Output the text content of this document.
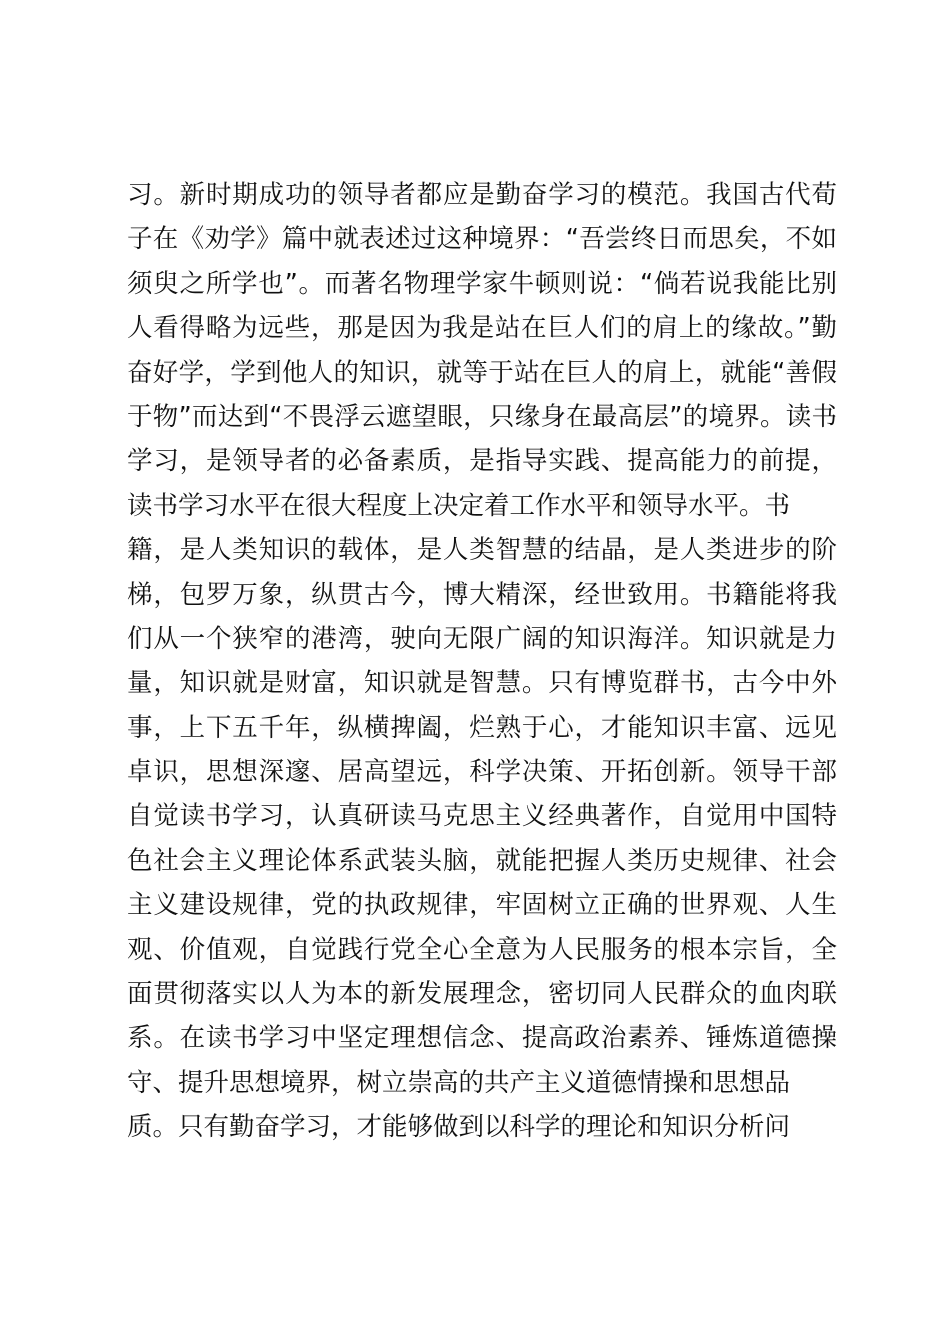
习。新时期成功的领导者都应是勤奋学习的模范。我国古代荀
子在《劝学》篇中就表述过这种境界：“吾尝终日而思矣，不如
须臾之所学也”。而著名物理学家牛顿则说：“倘若说我能比别
人看得略为远些，那是因为我是站在巨人们的肩上的缘故。”勤
奋好学，学到他人的知识，就等于站在巨人的肩上，就能“善假
于物”而达到“不畏浮云遮望眼，只缘身在最高层”的境界。读书
学习，是领导者的必备素质，是指导实践、提高能力的前提，
读书学习水平在很大程度上决定着工作水平和领导水平。书
籍，是人类知识的载体，是人类智慧的结晶，是人类进步的阶
梯，包罗万象，纵贯古今，博大精深，经世致用。书籍能将我
们从一个狭窄的港湾，驶向无限广阔的知识海洋。知识就是力
量，知识就是财富，知识就是智慧。只有博览群书，古今中外
事，上下五千年，纵横捭阖，烂熟于心，才能知识丰富、远见
卓识，思想深邃、居高望远，科学决策、开拓创新。领导干部
自觉读书学习，认真研读马克思主义经典著作，自觉用中国特
色社会主义理论体系武装头脑，就能把握人类历史规律、社会
主义建设规律，党的执政规律，牢固树立正确的世界观、人生
观、价值观，自觉践行党全心全意为人民服务的根本宗旨，全
面贯彻落实以人为本的新发展理念，密切同人民群众的血肉联
系。在读书学习中坚定理想信念、提高政治素养、锤炼道德操
守、提升思想境界，树立崇高的共产主义道德情操和思想品
质。只有勤奋学习，才能够做到以科学的理论和知识分析问
